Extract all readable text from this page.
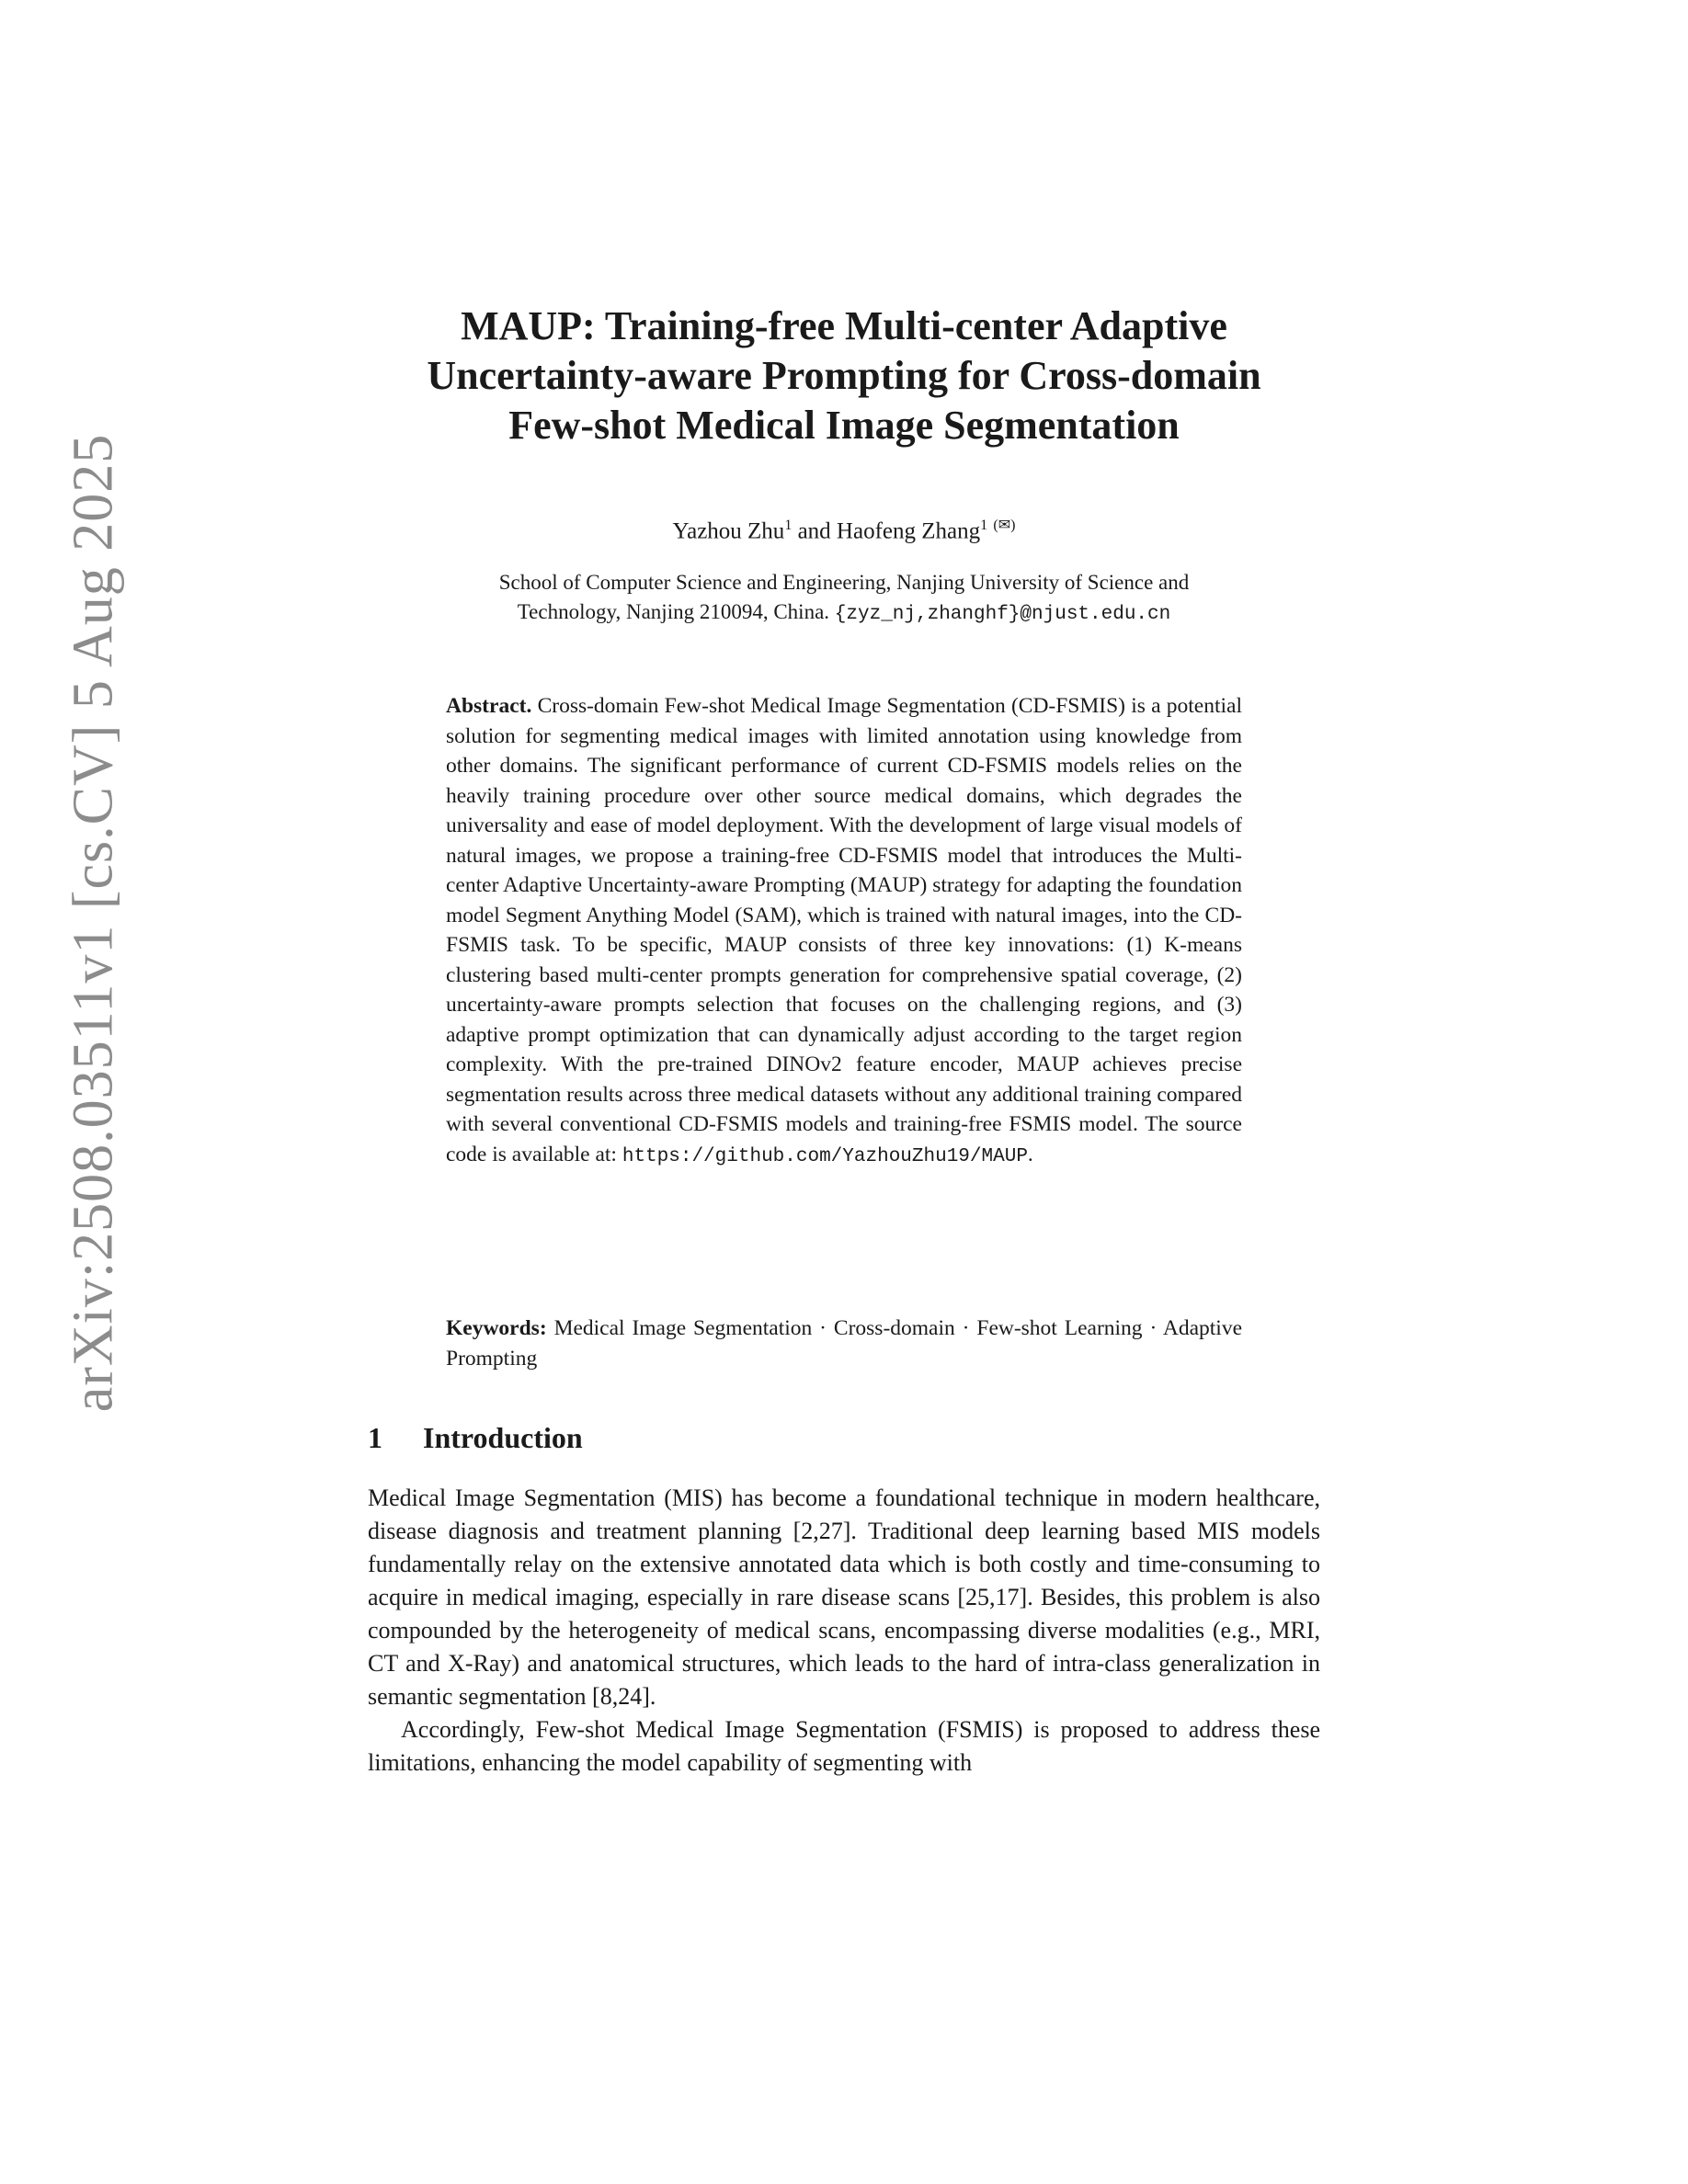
arXiv:2508.03511v1 [cs.CV] 5 Aug 2025
MAUP: Training-free Multi-center Adaptive
Uncertainty-aware Prompting for Cross-domain
Few-shot Medical Image Segmentation
Yazhou Zhu$^1$ and Haofeng Zhang$^1$ (✉)
School of Computer Science and Engineering, Nanjing University of Science and
Technology, Nanjing 210094, China. {zyz_nj,zhanghf}@njust.edu.cn
Abstract. Cross-domain Few-shot Medical Image Segmentation (CD-FSMIS) is a potential solution for segmenting medical images with limited annotation using knowledge from other domains. The significant performance of current CD-FSMIS models relies on the heavily training procedure over other source medical domains, which degrades the universality and ease of model deployment. With the development of large visual models of natural images, we propose a training-free CD-FSMIS model that introduces the Multi-center Adaptive Uncertainty-aware Prompting (MAUP) strategy for adapting the foundation model Segment Anything Model (SAM), which is trained with natural images, into the CD-FSMIS task. To be specific, MAUP consists of three key innovations: (1) K-means clustering based multi-center prompts generation for comprehensive spatial coverage, (2) uncertainty-aware prompts selection that focuses on the challenging regions, and (3) adaptive prompt optimization that can dynamically adjust according to the target region complexity. With the pre-trained DINOv2 feature encoder, MAUP achieves precise segmentation results across three medical datasets without any additional training compared with several conventional CD-FSMIS models and training-free FSMIS model. The source code is available at: https://github.com/YazhouZhu19/MAUP.
Keywords: Medical Image Segmentation · Cross-domain · Few-shot Learning · Adaptive Prompting
1 Introduction

Medical Image Segmentation (MIS) has become a foundational technique in modern healthcare, disease diagnosis and treatment planning [2,27]. Traditional deep learning based MIS models fundamentally relay on the extensive annotated data which is both costly and time-consuming to acquire in medical imaging, especially in rare disease scans [25,17]. Besides, this problem is also compounded by the heterogeneity of medical scans, encompassing diverse modalities (e.g., MRI, CT and X-Ray) and anatomical structures, which leads to the hard of intra-class generalization in semantic segmentation [8,24].

Accordingly, Few-shot Medical Image Segmentation (FSMIS) is proposed to address these limitations, enhancing the model capability of segmenting with
